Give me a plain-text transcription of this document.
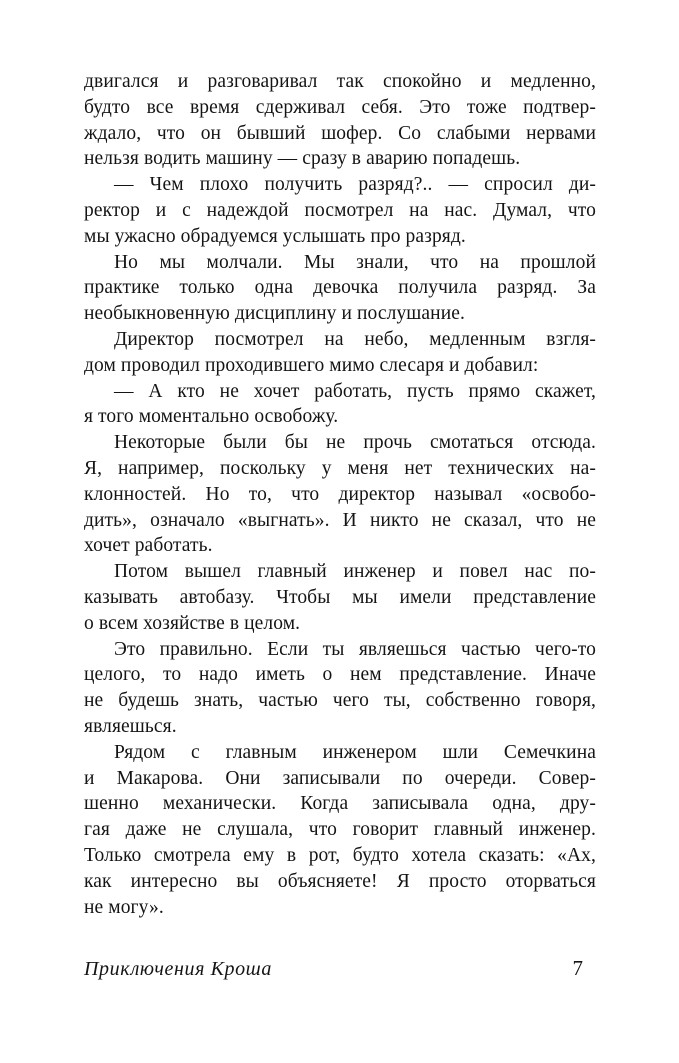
двигался и разговаривал так спокойно и медленно,
будто все время сдерживал себя. Это тоже подтвер-
ждало, что он бывший шофер. Со слабыми нервами
нельзя водить машину — сразу в аварию попадешь.
— Чем плохо получить разряд?.. — спросил ди-
ректор и с надеждой посмотрел на нас. Думал, что
мы ужасно обрадуемся услышать про разряд.
Но мы молчали. Мы знали, что на прошлой
практике только одна девочка получила разряд. За
необыкновенную дисциплину и послушание.
Директор посмотрел на небо, медленным взгля-
дом проводил проходившего мимо слесаря и добавил:
— А кто не хочет работать, пусть прямо скажет,
я того моментально освобожу.
Некоторые были бы не прочь смотаться отсюда.
Я, например, поскольку у меня нет технических на-
клонностей. Но то, что директор называл «освобо-
дить», означало «выгнать». И никто не сказал, что не
хочет работать.
Потом вышел главный инженер и повел нас по-
казывать автобазу. Чтобы мы имели представление
о всем хозяйстве в целом.
Это правильно. Если ты являешься частью чего-то
целого, то надо иметь о нем представление. Иначе
не будешь знать, частью чего ты, собственно говоря,
являешься.
Рядом с главным инженером шли Семечкина
и Макарова. Они записывали по очереди. Совер-
шенно механически. Когда записывала одна, дру-
гая даже не слушала, что говорит главный инженер.
Только смотрела ему в рот, будто хотела сказать: «Ах,
как интересно вы объясняете! Я просто оторваться
не могу».
Приключения Кроша	7
